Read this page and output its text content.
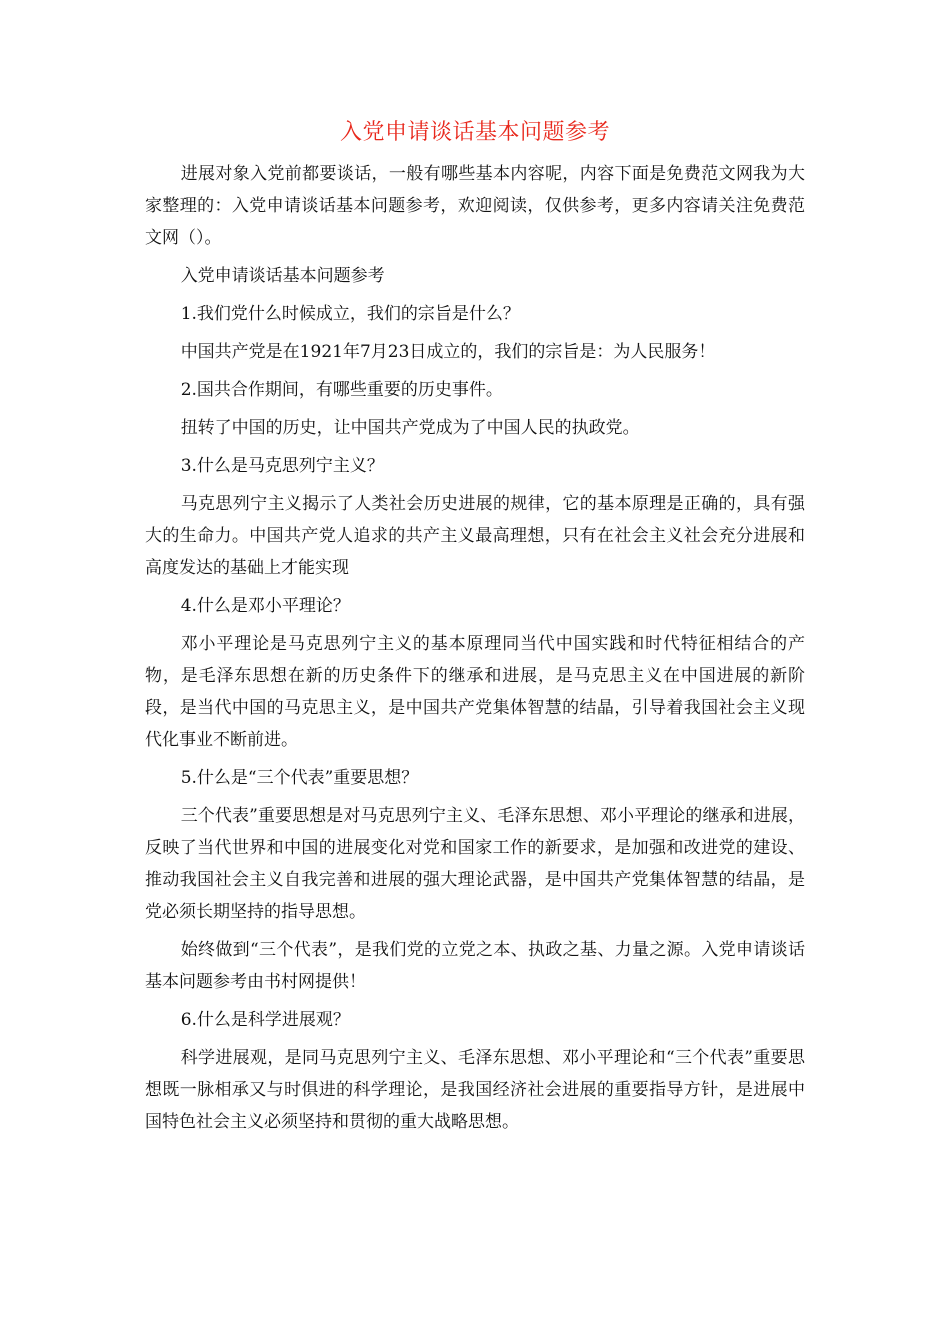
入党申请谈话基本问题参考

进展对象入党前都要谈话，一般有哪些基本内容呢，内容下面是免费范文网我为大家整理的：入党申请谈话基本问题参考，欢迎阅读，仅供参考，更多内容请关注免费范文网（）。

入党申请谈话基本问题参考

1.我们党什么时候成立，我们的宗旨是什么？

中国共产党是在1921年7月23日成立的，我们的宗旨是：为人民服务！

2.国共合作期间，有哪些重要的历史事件。

扭转了中国的历史，让中国共产党成为了中国人民的执政党。

3.什么是马克思列宁主义？

马克思列宁主义揭示了人类社会历史进展的规律，它的基本原理是正确的，具有强大的生命力。中国共产党人追求的共产主义最高理想，只有在社会主义社会充分进展和高度发达的基础上才能实现

4.什么是邓小平理论？

邓小平理论是马克思列宁主义的基本原理同当代中国实践和时代特征相结合的产物，是毛泽东思想在新的历史条件下的继承和进展，是马克思主义在中国进展的新阶段，是当代中国的马克思主义，是中国共产党集体智慧的结晶，引导着我国社会主义现代化事业不断前进。

5.什么是“三个代表”重要思想？

三个代表”重要思想是对马克思列宁主义、毛泽东思想、邓小平理论的继承和进展，反映了当代世界和中国的进展变化对党和国家工作的新要求，是加强和改进党的建设、推动我国社会主义自我完善和进展的强大理论武器，是中国共产党集体智慧的结晶，是党必须长期坚持的指导思想。

始终做到“三个代表”，是我们党的立党之本、执政之基、力量之源。入党申请谈话基本问题参考由书村网提供！

6.什么是科学进展观？

科学进展观，是同马克思列宁主义、毛泽东思想、邓小平理论和“三个代表”重要思想既一脉相承又与时俱进的科学理论，是我国经济社会进展的重要指导方针，是进展中国特色社会主义必须坚持和贯彻的重大战略思想。
